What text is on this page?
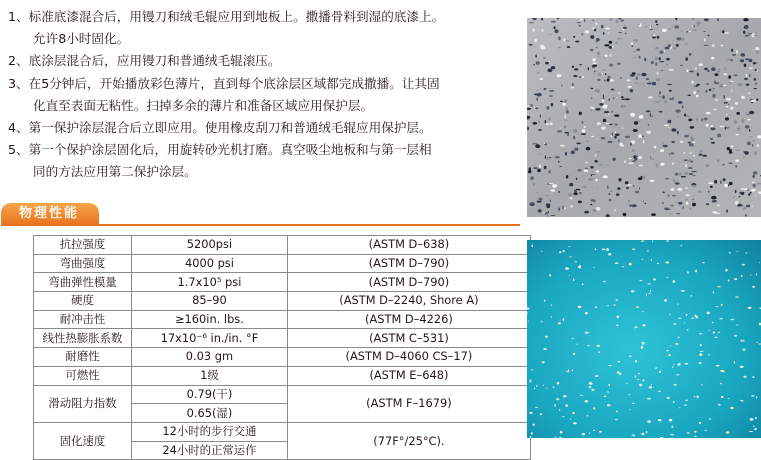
1、标准底漆混合后，用镘刀和绒毛辊应用到地板上。撒播骨料到湿的底漆上。
允许8小时固化。
2、底涂层混合后，应用镘刀和普通绒毛辊滚压。
3、在5分钟后，开始播放彩色薄片，直到每个底涂层区域都完成撒播。让其固
化直至表面无粘性。扫掉多余的薄片和准备区域应用保护层。
4、第一保护涂层混合后立即应用。使用橡皮刮刀和普通绒毛辊应用保护层。
5、第一个保护涂层固化后，用旋转砂光机打磨。真空吸尘地板和与第一层相
同的方法应用第二保护涂层。
物理性能
抗拉强度	5200psi	(ASTM D–638)
弯曲强度	4000 psi	(ASTM D–790)
弯曲弹性模量	1.7x10⁵ psi	(ASTM D–790)
硬度	85–90	(ASTM D–2240, Shore A)
耐冲击性	≥160in. lbs.	(ASTM D–4226)
线性热膨胀系数	17x10⁻⁶ in./in. °F	(ASTM C–531)
耐磨性	0.03 gm	(ASTM D–4060 CS–17)
可燃性	1级	(ASTM E–648)
滑动阻力指数	0.79(干)	(ASTM F–1679)
	0.65(湿)	
固化速度	12小时的步行交通	(77F°/25°C).
	24小时的正常运作	
